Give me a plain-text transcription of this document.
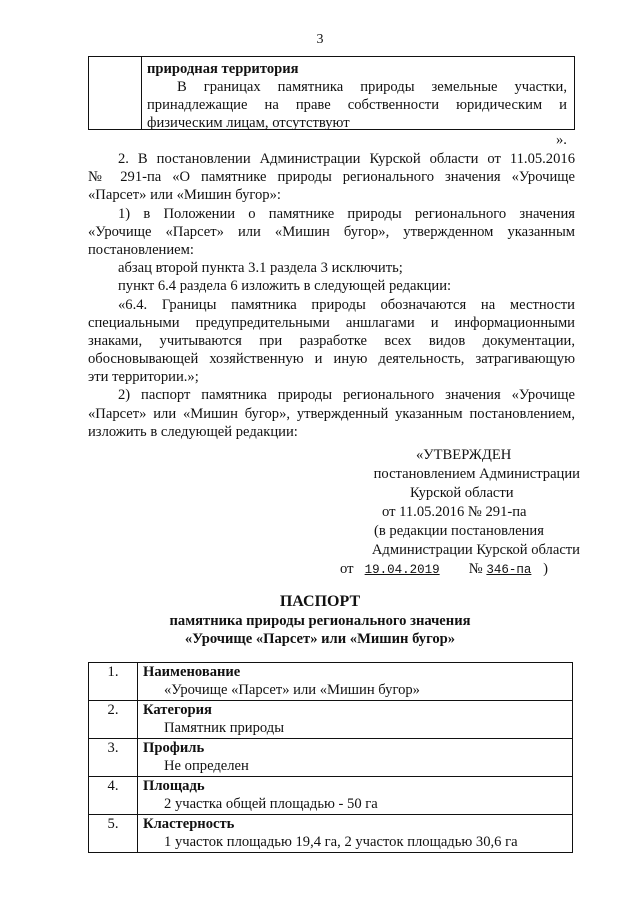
3
природная территория
В границах памятника природы земельные участки,
принадлежащие на праве собственности юридическим и
физическим лицам, отсутствуют
».
2. В постановлении Администрации Курской области от 11.05.2016
№ 291-па «О памятнике природы регионального значения «Урочище
«Парсет» или «Мишин бугор»:
1) в Положении о памятнике природы регионального значения
«Урочище «Парсет» или «Мишин бугор», утвержденном указанным
постановлением:
абзац второй пункта 3.1 раздела 3 исключить;
пункт 6.4 раздела 6 изложить в следующей редакции:
«6.4. Границы памятника природы обозначаются на местности
специальными предупредительными аншлагами и информационными
знаками, учитываются при разработке всех видов документации,
обосновывающей хозяйственную и иную деятельность, затрагивающую
эти территории.»;
2) паспорт памятника природы регионального значения «Урочище
«Парсет» или «Мишин бугор», утвержденный указанным постановлением,
изложить в следующей редакции:
«УТВЕРЖДЕН
постановлением Администрации
Курской области
от 11.05.2016 № 291-па
(в редакции постановления
Администрации Курской области
от 19.04.2019 № 346-па )
ПАСПОРТ
памятника природы регионального значения
«Урочище «Парсет» или «Мишин бугор»
1.	Наименование
«Урочище «Парсет» или «Мишин бугор»

2.	Категория
Памятник природы

3.	Профиль
Не определен

4.	Площадь
2 участка общей площадью - 50 га

5.	Кластерность
1 участок площадью 19,4 га, 2 участок площадью 30,6 га
